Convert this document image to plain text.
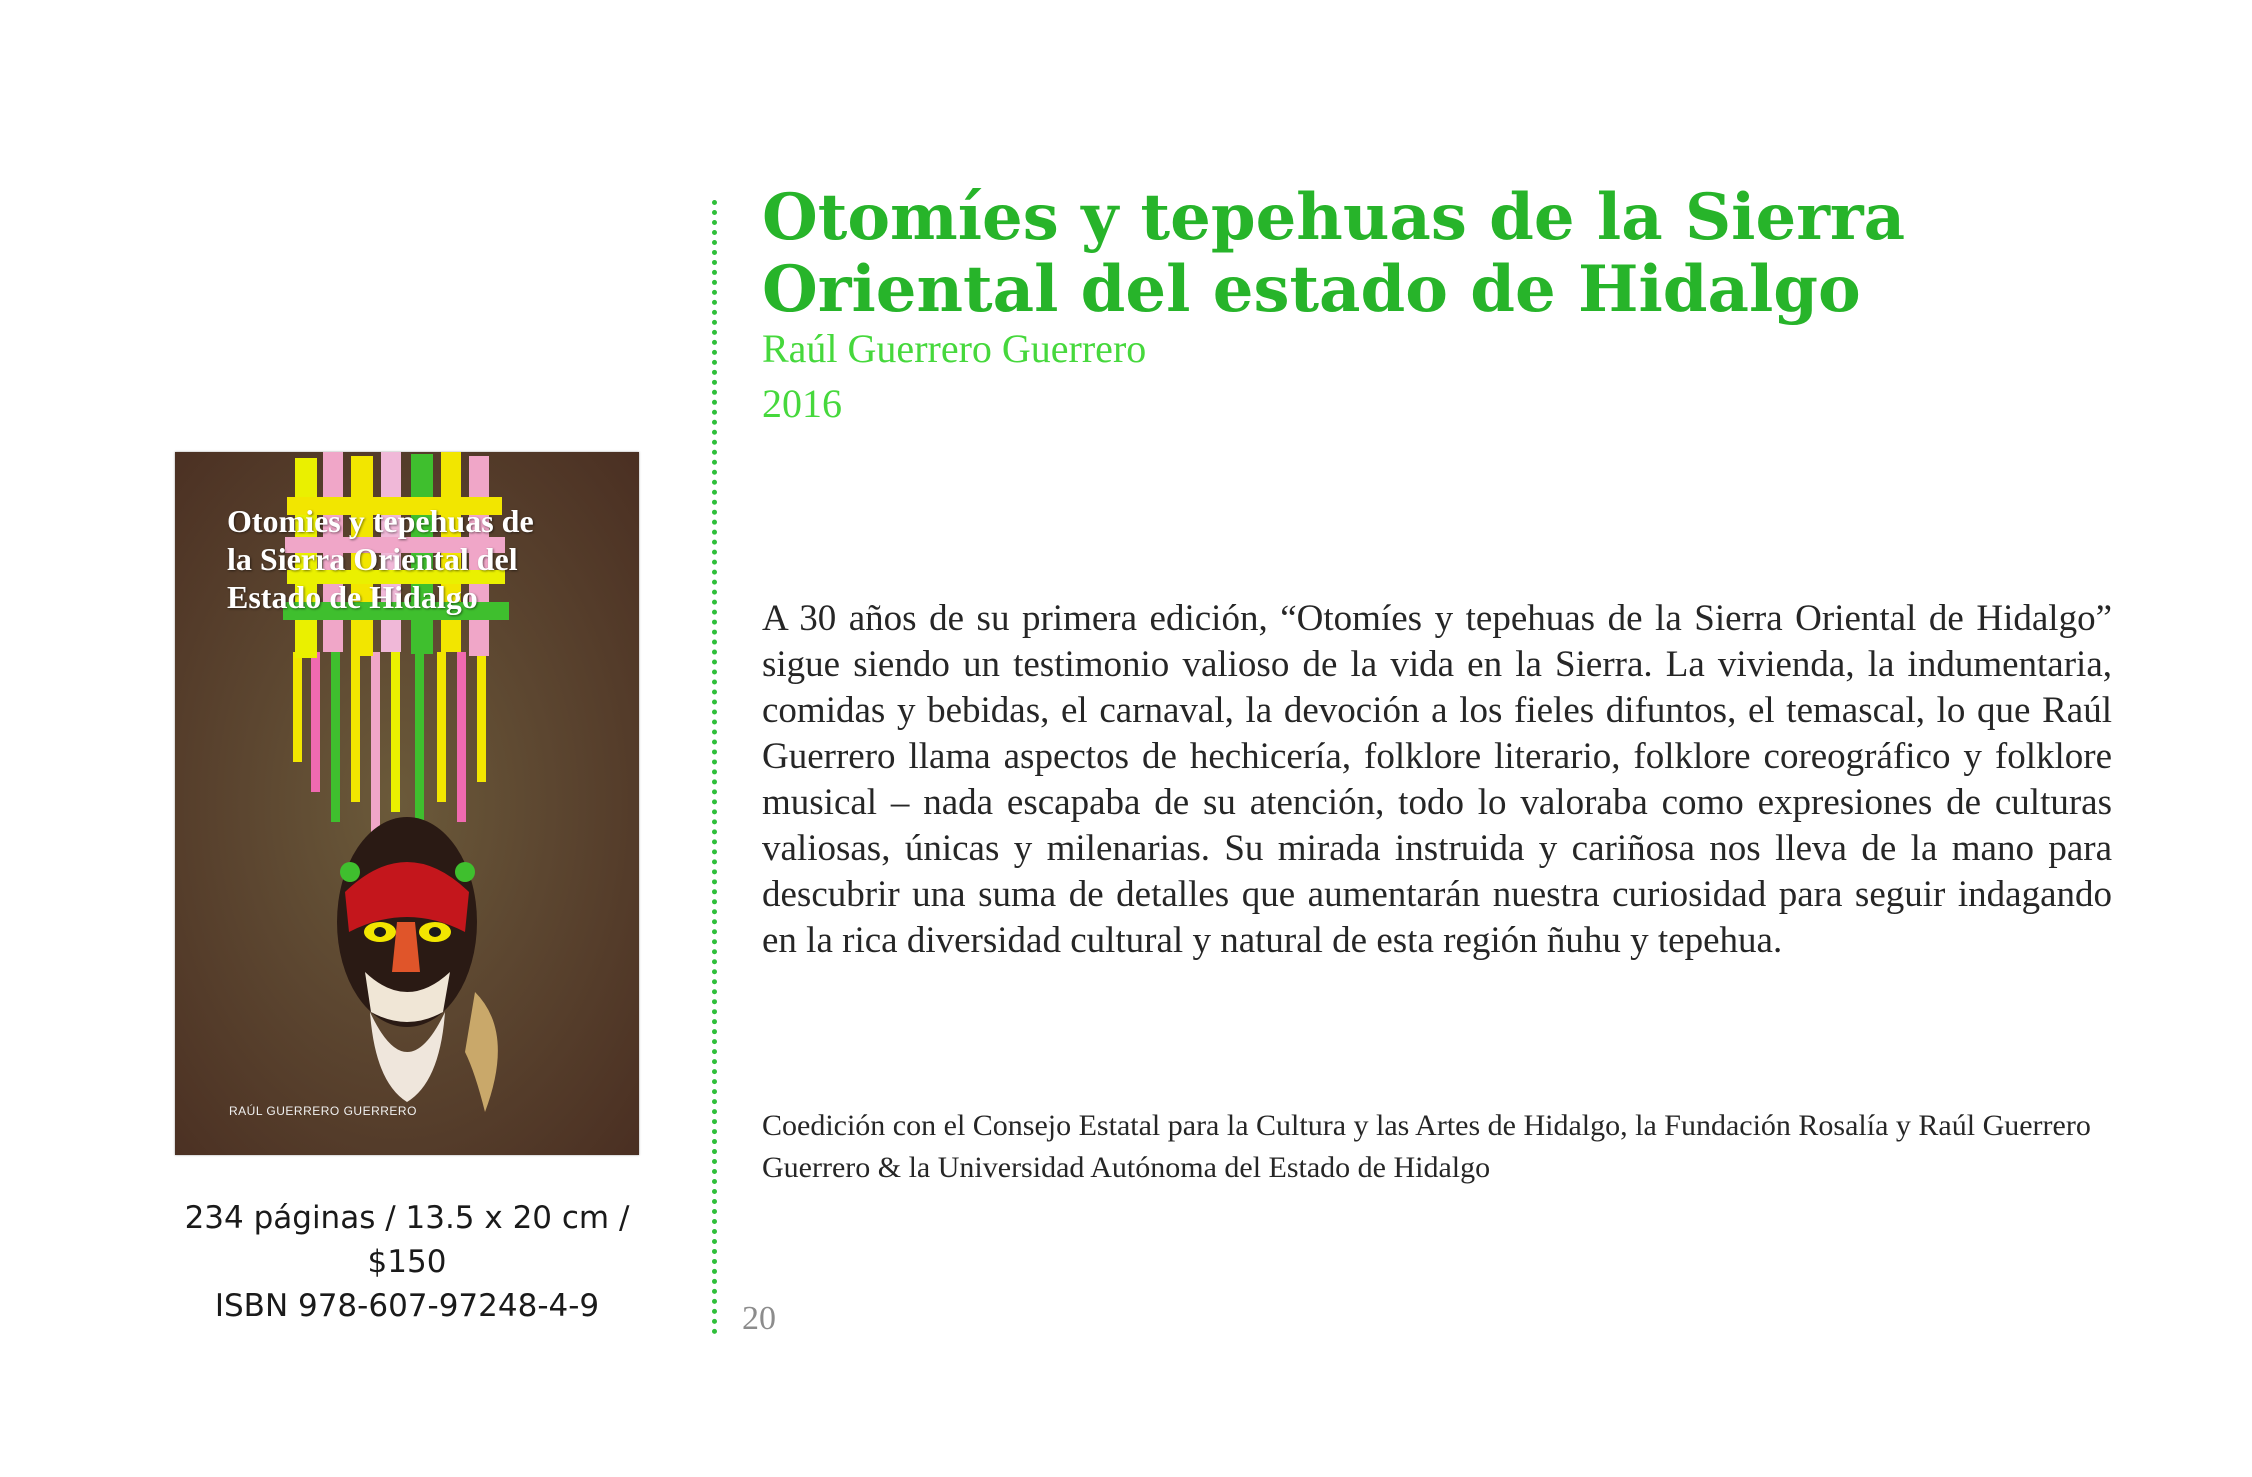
Otomíes y tepehuas de la Sierra Oriental del estado de Hidalgo
Raúl Guerrero Guerrero
2016

A 30 años de su primera edición, “Otomíes y tepehuas de la Sierra Oriental de Hidalgo” sigue siendo un testimonio valioso de la vida en la Sierra. La vivienda, la indumentaria, comidas y bebidas, el carnaval, la devoción a los fieles difuntos, el temascal, lo que Raúl Guerrero llama aspectos de hechicería, folklore literario, folklore coreográfico y folklore musical – nada escapaba de su atención, todo lo valoraba como expresiones de culturas valiosas, únicas y milenarias. Su mirada instruida y cariñosa nos lleva de la mano para descubrir una suma de detalles que aumentarán nuestra curiosidad para seguir indagando en la rica diversidad cultural y natural de esta región ñuhu y tepehua.

Coedición con el Consejo Estatal para la Cultura y las Artes de Hidalgo, la Fundación Rosalía y Raúl Guerrero Guerrero & la Universidad Autónoma del Estado de Hidalgo

20
Otomies y tepehuas de
la Sierra Oriental del
Estado de Hidalgo
RAÚL GUERRERO GUERRERO
234 páginas / 13.5 x 20 cm / $150
ISBN 978-607-97248-4-9
